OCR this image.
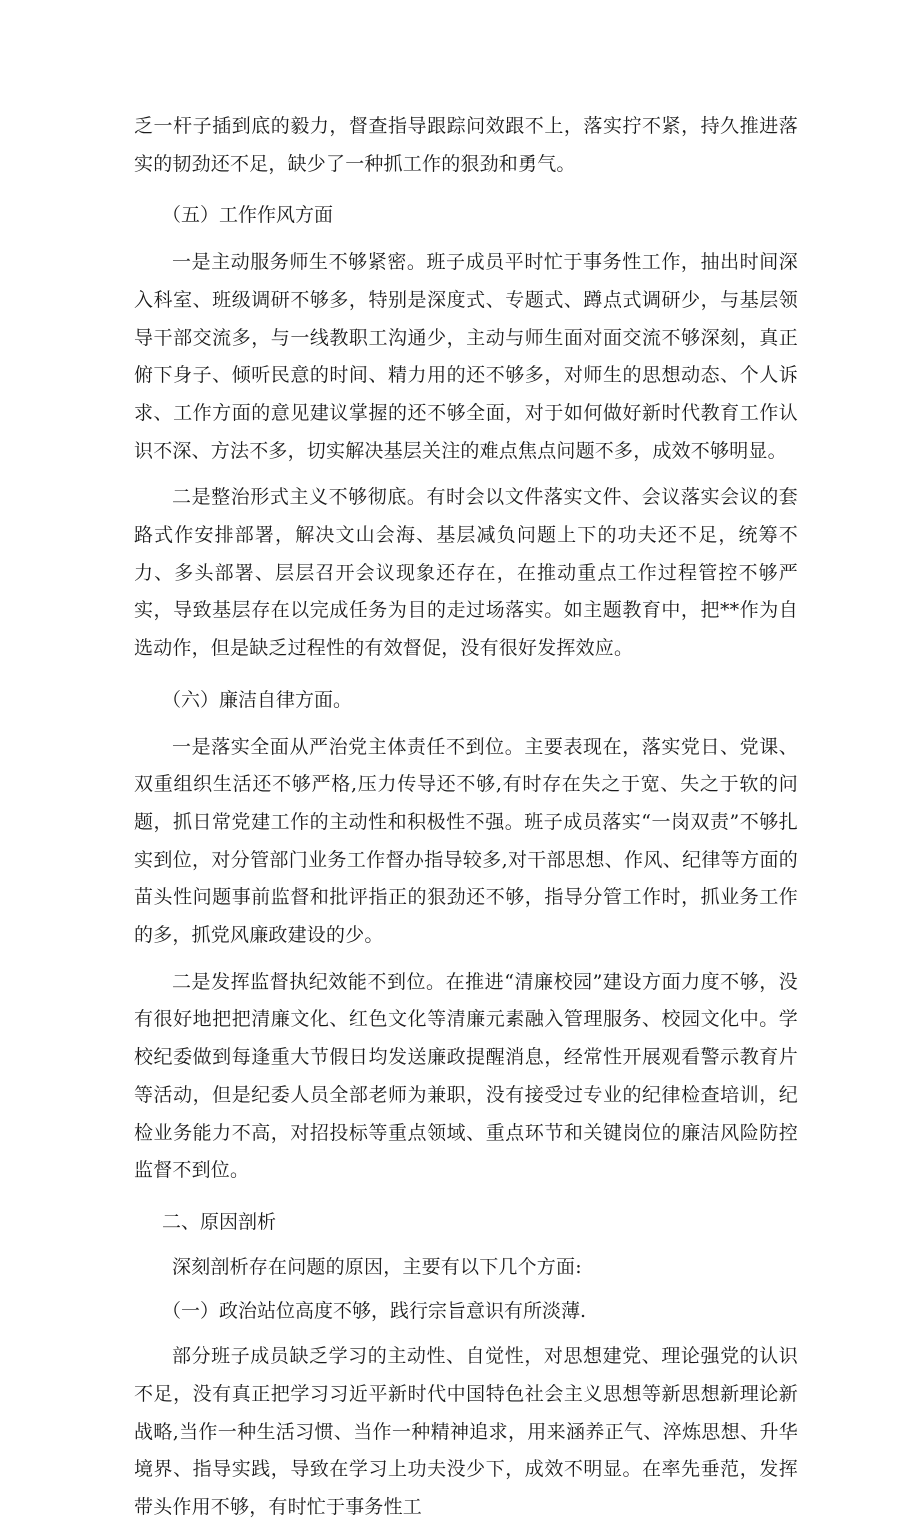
乏一杆子插到底的毅力，督查指导跟踪问效跟不上，落实拧不紧，持久推进落实的韧劲还不足，缺少了一种抓工作的狠劲和勇气。

（五）工作作风方面

一是主动服务师生不够紧密。班子成员平时忙于事务性工作，抽出时间深入科室、班级调研不够多，特别是深度式、专题式、蹲点式调研少，与基层领导干部交流多，与一线教职工沟通少，主动与师生面对面交流不够深刻，真正俯下身子、倾听民意的时间、精力用的还不够多，对师生的思想动态、个人诉求、工作方面的意见建议掌握的还不够全面，对于如何做好新时代教育工作认识不深、方法不多，切实解决基层关注的难点焦点问题不多，成效不够明显。

二是整治形式主义不够彻底。有时会以文件落实文件、会议落实会议的套路式作安排部署，解决文山会海、基层减负问题上下的功夫还不足，统筹不力、多头部署、层层召开会议现象还存在，在推动重点工作过程管控不够严实，导致基层存在以完成任务为目的走过场落实。如主题教育中，把**作为自选动作，但是缺乏过程性的有效督促，没有很好发挥效应。

（六）廉洁自律方面。

一是落实全面从严治党主体责任不到位。主要表现在，落实党日、党课、双重组织生活还不够严格,压力传导还不够,有时存在失之于宽、失之于软的问题，抓日常党建工作的主动性和积极性不强。班子成员落实“一岗双责”不够扎实到位，对分管部门业务工作督办指导较多,对干部思想、作风、纪律等方面的苗头性问题事前监督和批评指正的狠劲还不够，指导分管工作时，抓业务工作的多，抓党风廉政建设的少。

二是发挥监督执纪效能不到位。在推进“清廉校园”建设方面力度不够，没有很好地把把清廉文化、红色文化等清廉元素融入管理服务、校园文化中。学校纪委做到每逢重大节假日均发送廉政提醒消息，经常性开展观看警示教育片等活动，但是纪委人员全部老师为兼职，没有接受过专业的纪律检查培训，纪检业务能力不高，对招投标等重点领域、重点环节和关键岗位的廉洁风险防控监督不到位。

二、原因剖析

深刻剖析存在问题的原因，主要有以下几个方面:

（一）政治站位高度不够，践行宗旨意识有所淡薄.

部分班子成员缺乏学习的主动性、自觉性，对思想建党、理论强党的认识不足，没有真正把学习习近平新时代中国特色社会主义思想等新思想新理论新战略,当作一种生活习惯、当作一种精神追求，用来涵养正气、淬炼思想、升华境界、指导实践，导致在学习上功夫没少下，成效不明显。在率先垂范，发挥带头作用不够，有时忙于事务性工
